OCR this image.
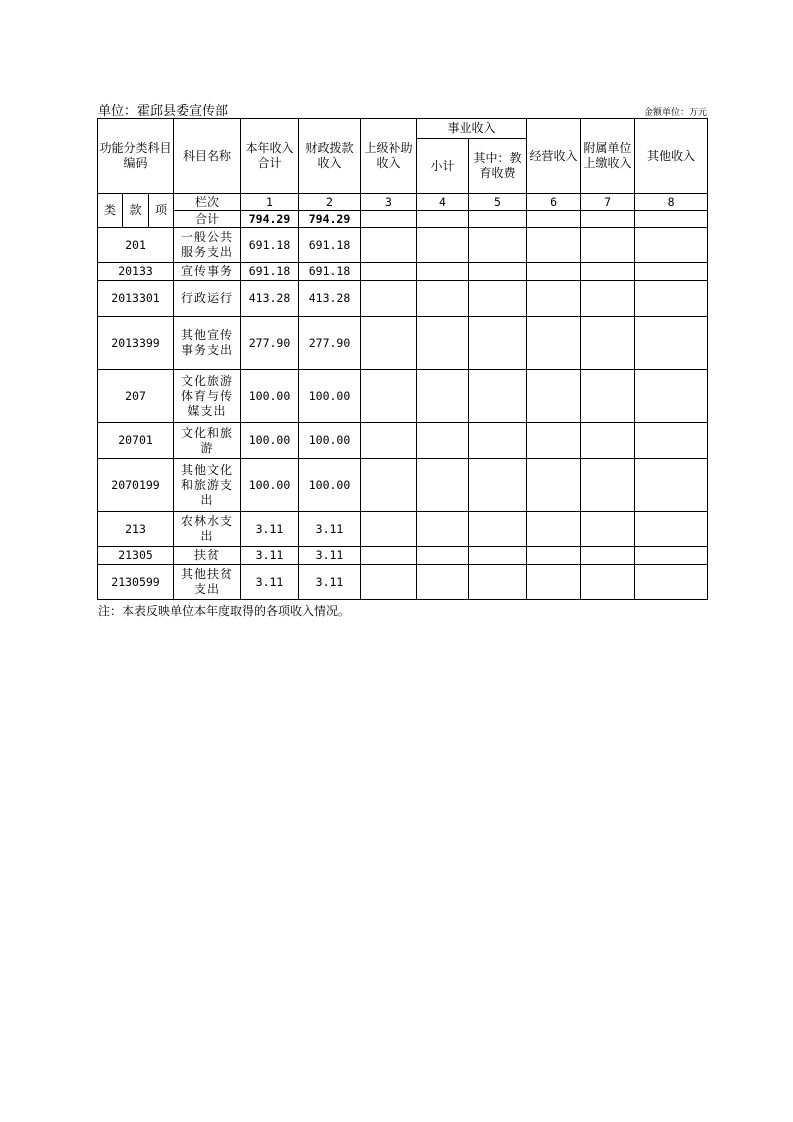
单位：霍邱县委宣传部	金额单位：万元
功能分类科目编码			科目名称	本年收入合计	财政拨款收入	上级补助收入	事业收入		经营收入	附属单位上缴收入	其他收入
							小计	其中：教育收费			
类	款	项	栏次	1	2	3	4	5	6	7	8
			合计	794.29	794.29						
201			一般公共服务支出	691.18	691.18						
20133			宣传事务	691.18	691.18						
2013301			行政运行	413.28	413.28						
2013399			其他宣传事务支出	277.90	277.90						
207			文化旅游体育与传媒支出	100.00	100.00						
20701			文化和旅游	100.00	100.00						
2070199			其他文化和旅游支出	100.00	100.00						
213			农林水支出	3.11	3.11						
21305			扶贫	3.11	3.11						
2130599			其他扶贫支出	3.11	3.11						
注：本表反映单位本年度取得的各项收入情况。
